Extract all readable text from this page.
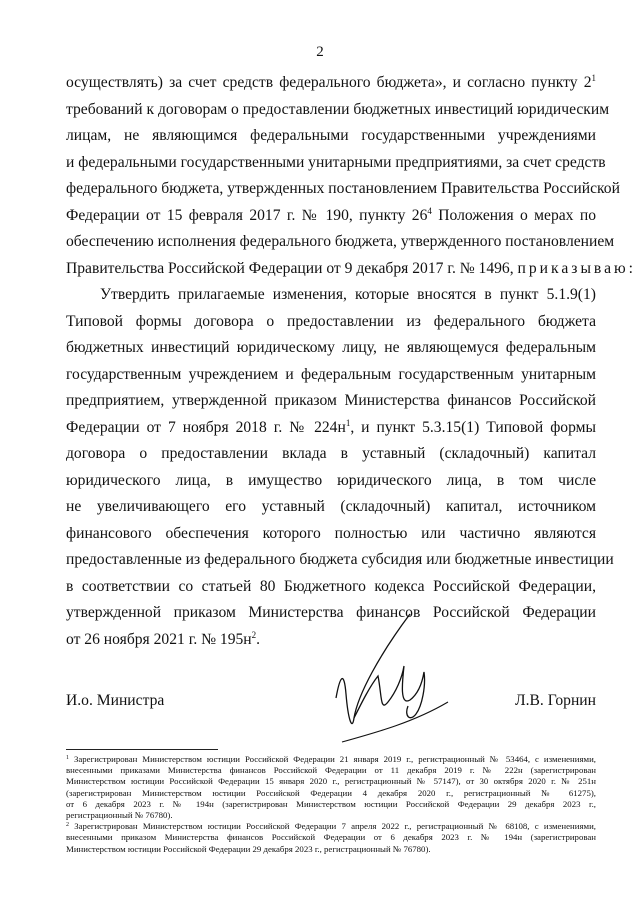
2
осуществлять) за счет средств федерального бюджета», и согласно пункту $2^1$
требований к договорам о предоставлении бюджетных инвестиций юридическим
лицам, не являющимся федеральными государственными учреждениями
и федеральными государственными унитарными предприятиями, за счет средств
федерального бюджета, утвержденных постановлением Правительства Российской
Федерации от 15 февраля 2017 г. № 190, пункту $26^4$ Положения о мерах по
обеспечению исполнения федерального бюджета, утвержденного постановлением
Правительства Российской Федерации от 9 декабря 2017 г. № 1496, приказываю:
Утвердить прилагаемые изменения, которые вносятся в пункт 5.1.9(1)
Типовой формы договора о предоставлении из федерального бюджета
бюджетных инвестиций юридическому лицу, не являющемуся федеральным
государственным учреждением и федеральным государственным унитарным
предприятием, утвержденной приказом Министерства финансов Российской
Федерации от 7 ноября 2018 г. № $224н^1$, и пункт 5.3.15(1) Типовой формы
договора о предоставлении вклада в уставный (складочный) капитал
юридического лица, в имущество юридического лица, в том числе
не увеличивающего его уставный (складочный) капитал, источником
финансового обеспечения которого полностью или частично являются
предоставленные из федерального бюджета субсидия или бюджетные инвестиции
в соответствии со статьей 80 Бюджетного кодекса Российской Федерации,
утвержденной приказом Министерства финансов Российской Федерации
от 26 ноября 2021 г. № $195н^2$.
И.о. Министра	Л.В. Горнин
$^1$ Зарегистрирован Министерством юстиции Российской Федерации 21 января 2019 г., регистрационный № 53464, с изменениями,
внесенными приказами Министерства финансов Российской Федерации от 11 декабря 2019 г. № 222н (зарегистрирован
Министерством юстиции Российской Федерации 15 января 2020 г., регистрационный № 57147), от 30 октября 2020 г. № 251н
(зарегистрирован Министерством юстиции Российской Федерации 4 декабря 2020 г., регистрационный № 61275),
от 6 декабря 2023 г. № 194н (зарегистрирован Министерством юстиции Российской Федерации 29 декабря 2023 г.,
регистрационный № 76780).
$^2$ Зарегистрирован Министерством юстиции Российской Федерации 7 апреля 2022 г., регистрационный № 68108, с изменениями,
внесенными приказом Министерства финансов Российской Федерации от 6 декабря 2023 г. № 194н (зарегистрирован
Министерством юстиции Российской Федерации 29 декабря 2023 г., регистрационный № 76780).
